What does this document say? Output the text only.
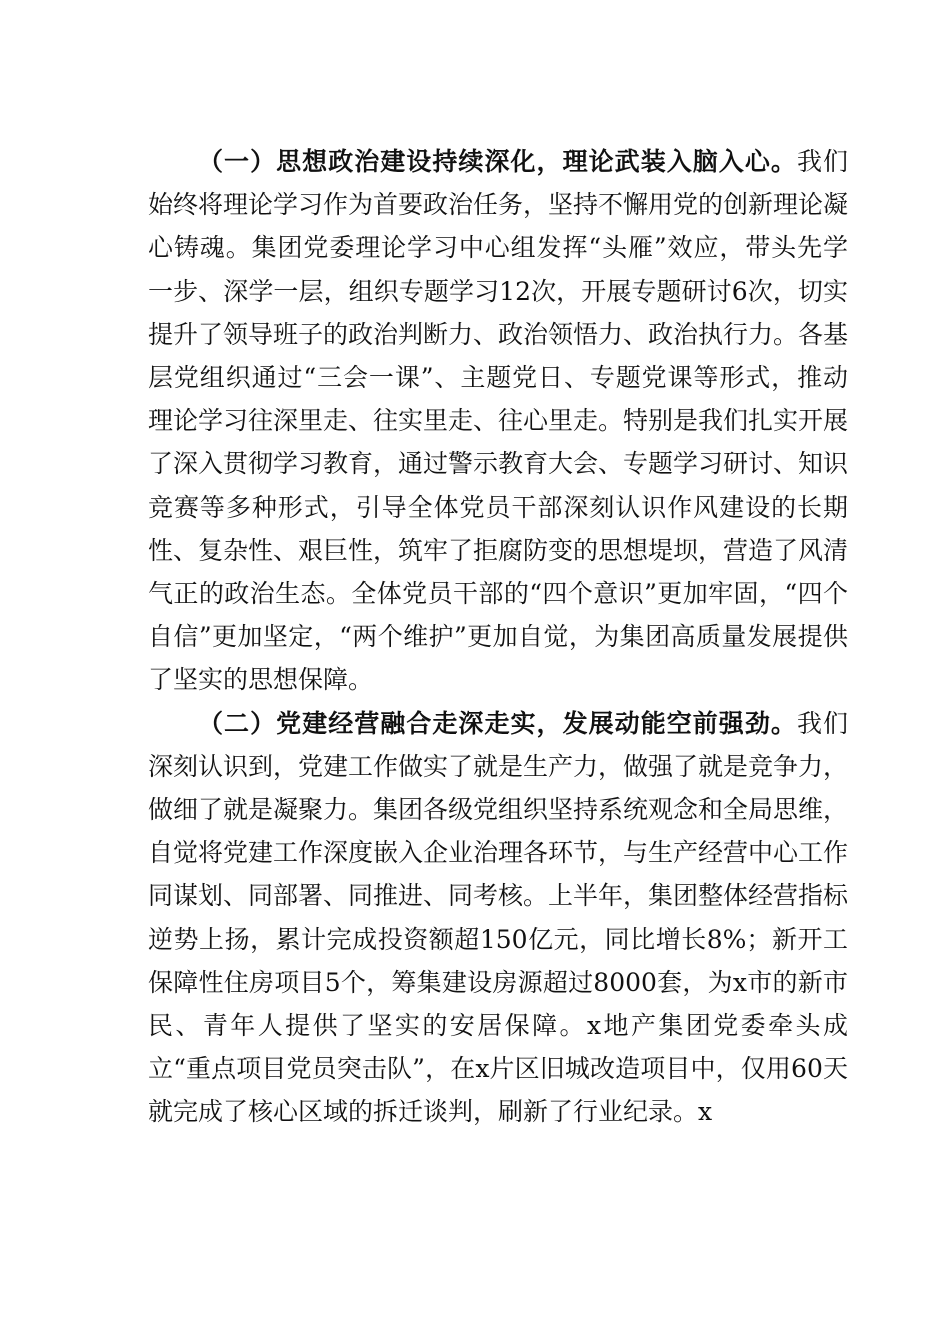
（一）思想政治建设持续深化，理论武装入脑入心。我们始终将理论学习作为首要政治任务，坚持不懈用党的创新理论凝心铸魂。集团党委理论学习中心组发挥“头雁”效应，带头先学一步、深学一层，组织专题学习12次，开展专题研讨6次，切实提升了领导班子的政治判断力、政治领悟力、政治执行力。各基层党组织通过“三会一课”、主题党日、专题党课等形式，推动理论学习往深里走、往实里走、往心里走。特别是我们扎实开展了深入贯彻学习教育，通过警示教育大会、专题学习研讨、知识竞赛等多种形式，引导全体党员干部深刻认识作风建设的长期性、复杂性、艰巨性，筑牢了拒腐防变的思想堤坝，营造了风清气正的政治生态。全体党员干部的“四个意识”更加牢固，“四个自信”更加坚定，“两个维护”更加自觉，为集团高质量发展提供了坚实的思想保障。

（二）党建经营融合走深走实，发展动能空前强劲。我们深刻认识到，党建工作做实了就是生产力，做强了就是竞争力，做细了就是凝聚力。集团各级党组织坚持系统观念和全局思维，自觉将党建工作深度嵌入企业治理各环节，与生产经营中心工作同谋划、同部署、同推进、同考核。上半年，集团整体经营指标逆势上扬，累计完成投资额超150亿元，同比增长8%；新开工保障性住房项目5个，筹集建设房源超过8000套，为x市的新市民、青年人提供了坚实的安居保障。x地产集团党委牵头成立“重点项目党员突击队”，在x片区旧城改造项目中，仅用60天就完成了核心区域的拆迁谈判，刷新了行业纪录。x
